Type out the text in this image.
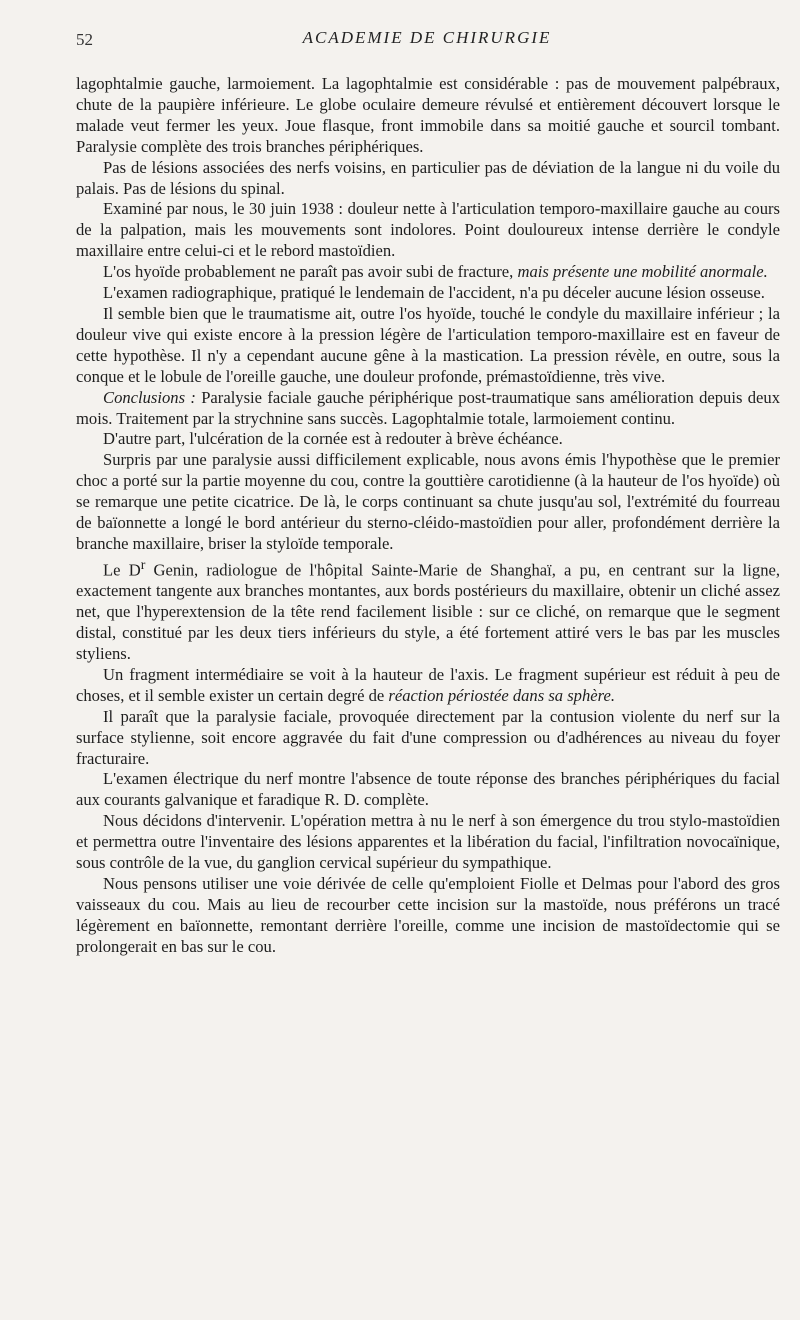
52	ACADEMIE DE CHIRURGIE

lagophtalmie gauche, larmoiement. La lagophtalmie est considérable : pas de mouvement palpébraux, chute de la paupière inférieure. Le globe oculaire demeure révulsé et entièrement découvert lorsque le malade veut fermer les yeux. Joue flasque, front immobile dans sa moitié gauche et sourcil tombant. Paralysie complète des trois branches périphériques.

Pas de lésions associées des nerfs voisins, en particulier pas de déviation de la langue ni du voile du palais. Pas de lésions du spinal.

Examiné par nous, le 30 juin 1938 : douleur nette à l'articulation temporo-maxillaire gauche au cours de la palpation, mais les mouvements sont indolores. Point douloureux intense derrière le condyle maxillaire entre celui-ci et le rebord mastoïdien.

L'os hyoïde probablement ne paraît pas avoir subi de fracture, mais présente une mobilité anormale.

L'examen radiographique, pratiqué le lendemain de l'accident, n'a pu déceler aucune lésion osseuse.

Il semble bien que le traumatisme ait, outre l'os hyoïde, touché le condyle du maxillaire inférieur ; la douleur vive qui existe encore à la pression légère de l'articulation temporo-maxillaire est en faveur de cette hypothèse. Il n'y a cependant aucune gêne à la mastication. La pression révèle, en outre, sous la conque et le lobule de l'oreille gauche, une douleur profonde, prémastoïdienne, très vive.

Conclusions : Paralysie faciale gauche périphérique post-traumatique sans amélioration depuis deux mois. Traitement par la strychnine sans succès. Lagophtalmie totale, larmoiement continu.

D'autre part, l'ulcération de la cornée est à redouter à brève échéance.

Surpris par une paralysie aussi difficilement explicable, nous avons émis l'hypothèse que le premier choc a porté sur la partie moyenne du cou, contre la gouttière carotidienne (à la hauteur de l'os hyoïde) où se remarque une petite cicatrice. De là, le corps continuant sa chute jusqu'au sol, l'extrémité du fourreau de baïonnette a longé le bord antérieur du sterno-cléido-mastoïdien pour aller, profondément derrière la branche maxillaire, briser la styloïde temporale.

Le $D^r$ Genin, radiologue de l'hôpital Sainte-Marie de Shanghaï, a pu, en centrant sur la ligne, exactement tangente aux branches montantes, aux bords postérieurs du maxillaire, obtenir un cliché assez net, que l'hyperextension de la tête rend facilement lisible : sur ce cliché, on remarque que le segment distal, constitué par les deux tiers inférieurs du style, a été fortement attiré vers le bas par les muscles styliens.

Un fragment intermédiaire se voit à la hauteur de l'axis. Le fragment supérieur est réduit à peu de choses, et il semble exister un certain degré de réaction périostée dans sa sphère.

Il paraît que la paralysie faciale, provoquée directement par la contusion violente du nerf sur la surface stylienne, soit encore aggravée du fait d'une compression ou d'adhérences au niveau du foyer fracturaire.

L'examen électrique du nerf montre l'absence de toute réponse des branches périphériques du facial aux courants galvanique et faradique R. D. complète.

Nous décidons d'intervenir. L'opération mettra à nu le nerf à son émergence du trou stylo-mastoïdien et permettra outre l'inventaire des lésions apparentes et la libération du facial, l'infiltration novocaïnique, sous contrôle de la vue, du ganglion cervical supérieur du sympathique.

Nous pensons utiliser une voie dérivée de celle qu'emploient Fiolle et Delmas pour l'abord des gros vaisseaux du cou. Mais au lieu de recourber cette incision sur la mastoïde, nous préférons un tracé légèrement en baïonnette, remontant derrière l'oreille, comme une incision de mastoïdectomie qui se prolongerait en bas sur le cou.
